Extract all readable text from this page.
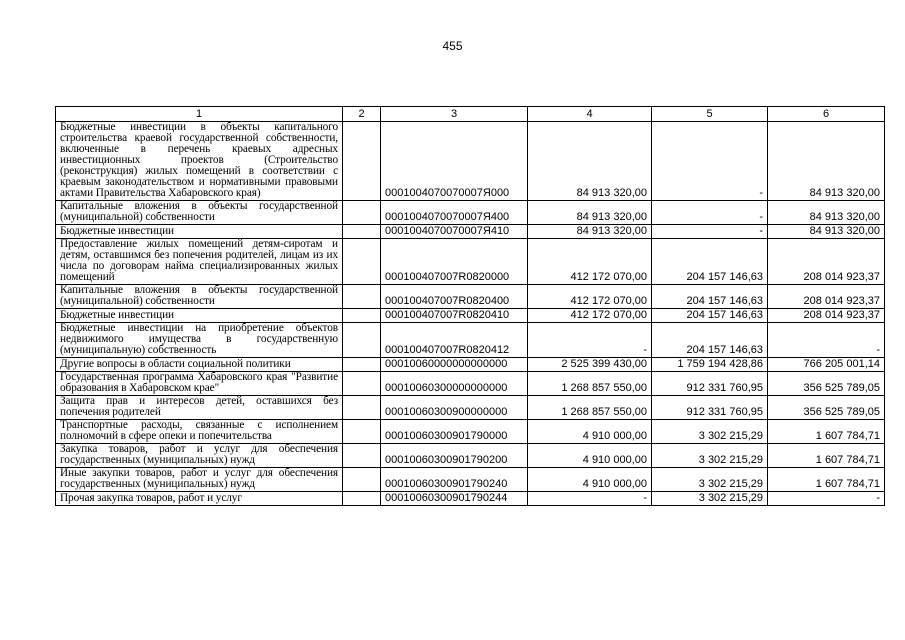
455
1	2	3	4	5	6
Бюджетные инвестиции в объекты капитального строительства краевой государственной собственности, включенные в перечень краевых адресных инвестиционных проектов (Строительство (реконструкция) жилых помещений в соответствии с краевым законодательством и нормативными правовыми актами Правительства Хабаровского края)		0001004070070007Я000	84 913 320,00	-	84 913 320,00
Капитальные вложения в объекты государственной (муниципальной) собственности		0001004070070007Я400	84 913 320,00	-	84 913 320,00
Бюджетные инвестиции		0001004070070007Я410	84 913 320,00	-	84 913 320,00
Предоставление жилых помещений детям-сиротам и детям, оставшимся без попечения родителей, лицам из их числа по договорам найма специализированных жилых помещений		000100407007R0820000	412 172 070,00	204 157 146,63	208 014 923,37
Капитальные вложения в объекты государственной (муниципальной) собственности		000100407007R0820400	412 172 070,00	204 157 146,63	208 014 923,37
Бюджетные инвестиции		000100407007R0820410	412 172 070,00	204 157 146,63	208 014 923,37
Бюджетные инвестиции на приобретение объектов недвижимого имущества в государственную (муниципальную) собственность		000100407007R0820412	-	204 157 146,63	-
Другие вопросы в области социальной политики		00010060000000000000	2 525 399 430,00	1 759 194 428,86	766 205 001,14
Государственная программа Хабаровского края "Развитие образования в Хабаровском крае"		00010060300000000000	1 268 857 550,00	912 331 760,95	356 525 789,05
Защита прав и интересов детей, оставшихся без попечения родителей		00010060300900000000	1 268 857 550,00	912 331 760,95	356 525 789,05
Транспортные расходы, связанные с исполнением полномочий в сфере опеки и попечительства		00010060300901790000	4 910 000,00	3 302 215,29	1 607 784,71
Закупка товаров, работ и услуг для обеспечения государственных (муниципальных) нужд		00010060300901790200	4 910 000,00	3 302 215,29	1 607 784,71
Иные закупки товаров, работ и услуг для обеспечения государственных (муниципальных) нужд		00010060300901790240	4 910 000,00	3 302 215,29	1 607 784,71
Прочая закупка товаров, работ и услуг		00010060300901790244	-	3 302 215,29	-
